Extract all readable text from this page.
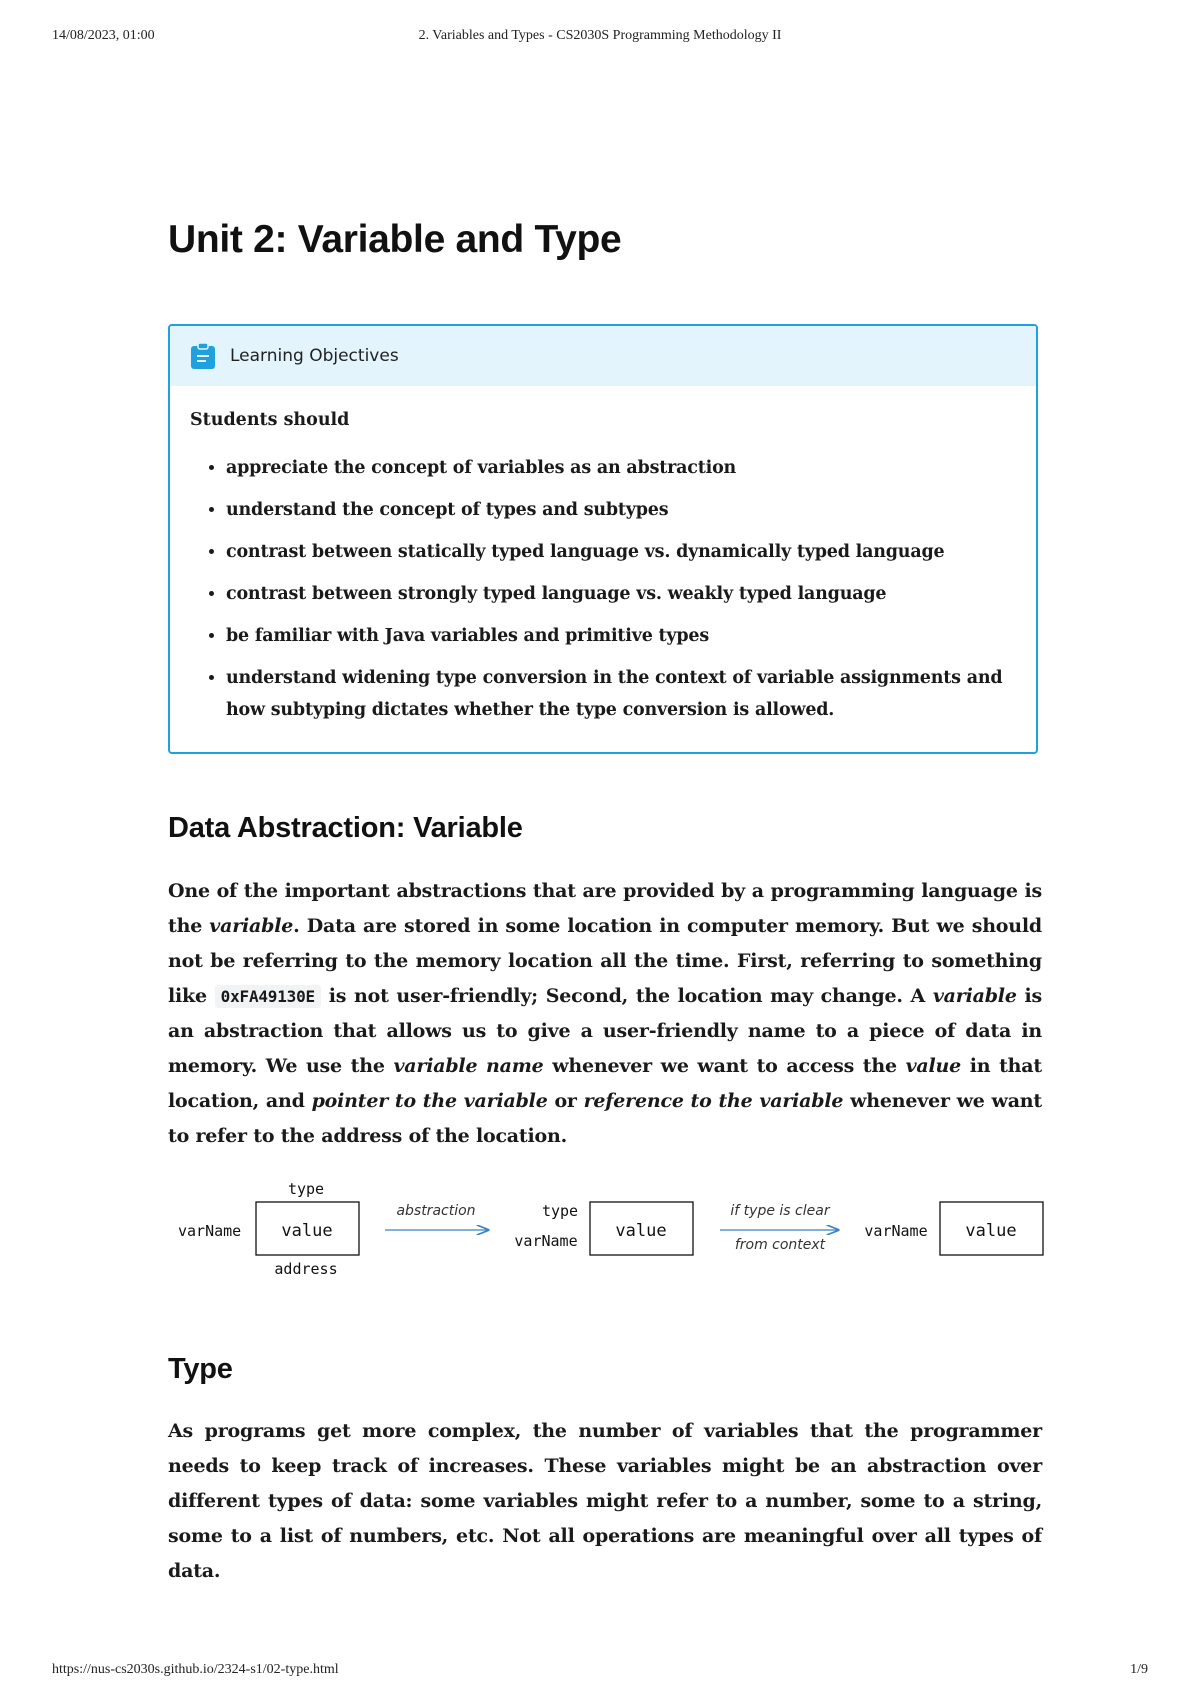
14/08/2023, 01:00	2. Variables and Types - CS2030S Programming Methodology II
Unit 2: Variable and Type
Learning Objectives

Students should

• appreciate the concept of variables as an abstraction
• understand the concept of types and subtypes
• contrast between statically typed language vs. dynamically typed language
• contrast between strongly typed language vs. weakly typed language
• be familiar with Java variables and primitive types
• understand widening type conversion in the context of variable assignments and how subtyping dictates whether the type conversion is allowed.
Data Abstraction: Variable

One of the important abstractions that are provided by a programming language is the variable. Data are stored in some location in computer memory. But we should not be referring to the memory location all the time. First, referring to something like 0xFA49130E is not user-friendly; Second, the location may change. A variable is an abstraction that allows us to give a user-friendly name to a piece of data in memory. We use the variable name whenever we want to access the value in that location, and pointer to the variable or reference to the variable whenever we want to refer to the address of the location.

Type

As programs get more complex, the number of variables that the programmer needs to keep track of increases. These variables might be an abstraction over different types of data: some variables might refer to a number, some to a string, some to a list of numbers, etc. Not all operations are meaningful over all types of data.

type
varName value
address
abstraction	type
varName value
if type is clear
from context
varName value
https://nus-cs2030s.github.io/2324-s1/02-type.html	1/9
